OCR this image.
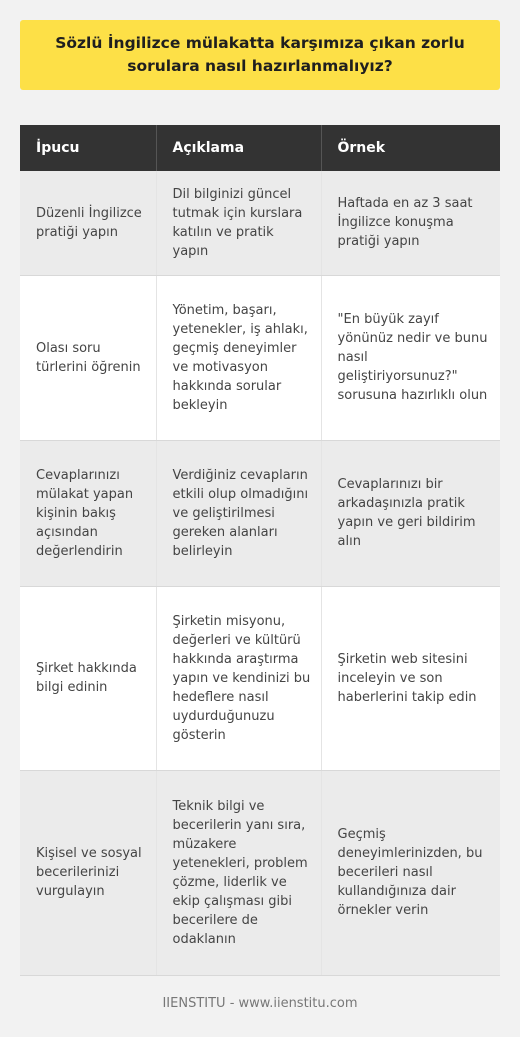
Sözlü İngilizce mülakatta karşımıza çıkan zorlu sorulara nasıl hazırlanmalıyız?
İpucu	Açıklama	Örnek
Düzenli İngilizce pratiği yapın	Dil bilginizi güncel tutmak için kurslara katılın ve pratik yapın	Haftada en az 3 saat İngilizce konuşma pratiği yapın
Olası soru türlerini öğrenin	Yönetim, başarı, yetenekler, iş ahlakı, geçmiş deneyimler ve motivasyon hakkında sorular bekleyin	"En büyük zayıf yönünüz nedir ve bunu nasıl geliştiriyorsunuz?" sorusuna hazırlıklı olun
Cevaplarınızı mülakat yapan kişinin bakış açısından değerlendirin	Verdiğiniz cevapların etkili olup olmadığını ve geliştirilmesi gereken alanları belirleyin	Cevaplarınızı bir arkadaşınızla pratik yapın ve geri bildirim alın
Şirket hakkında bilgi edinin	Şirketin misyonu, değerleri ve kültürü hakkında araştırma yapın ve kendinizi bu hedeflere nasıl uydurduğunuzu gösterin	Şirketin web sitesini inceleyin ve son haberlerini takip edin
Kişisel ve sosyal becerilerinizi vurgulayın	Teknik bilgi ve becerilerin yanı sıra, müzakere yetenekleri, problem çözme, liderlik ve ekip çalışması gibi becerilere de odaklanın	Geçmiş deneyimlerinizden, bu becerileri nasıl kullandığınıza dair örnekler verin
IIENSTITU - www.iienstitu.com
